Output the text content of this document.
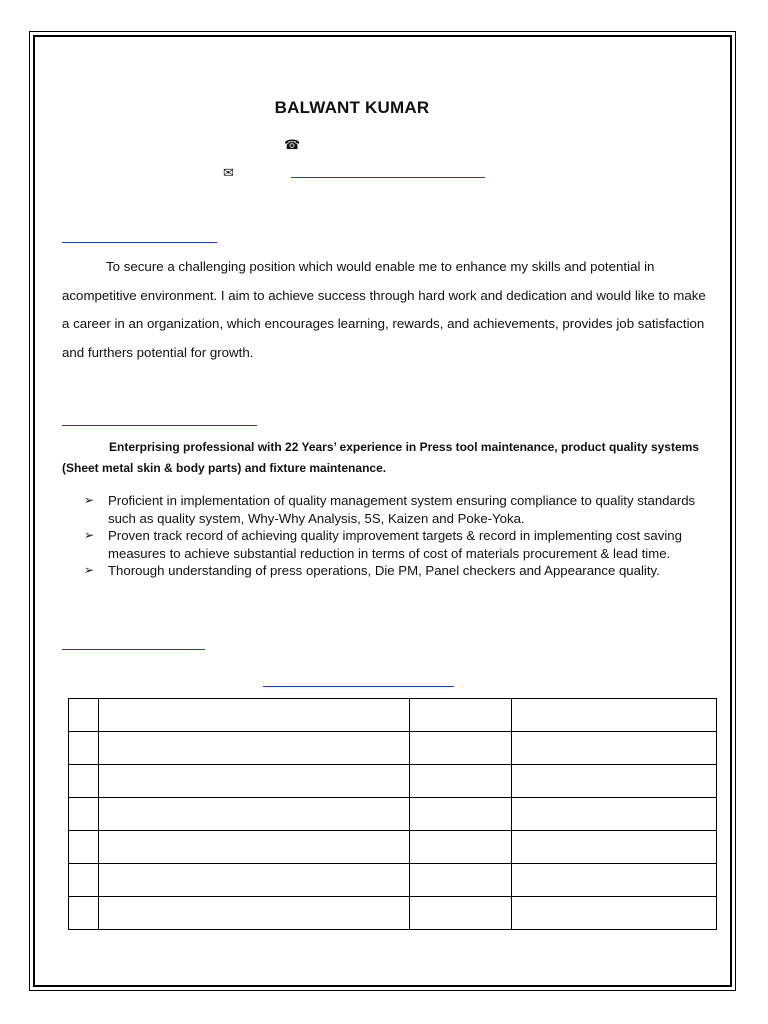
BALWANT KUMAR
☎
✉
To secure a challenging position which would enable me to enhance my skills and potential in acompetitive environment. I aim to achieve success through hard work and dedication and would like to make a career in an organization, which encourages learning, rewards, and achievements, provides job satisfaction and furthers potential for growth.
Enterprising professional with 22 Years’ experience in Press tool maintenance, product quality systems (Sheet metal skin & body parts) and fixture maintenance.
➢ Proficient in implementation of quality management system ensuring compliance to quality standards such as quality system, Why-Why Analysis, 5S, Kaizen and Poke-Yoka.
➢ Proven track record of achieving quality improvement targets & record in implementing cost saving measures to achieve substantial reduction in terms of cost of materials procurement & lead time.
➢ Thorough understanding of press operations, Die PM, Panel checkers and Appearance quality.
